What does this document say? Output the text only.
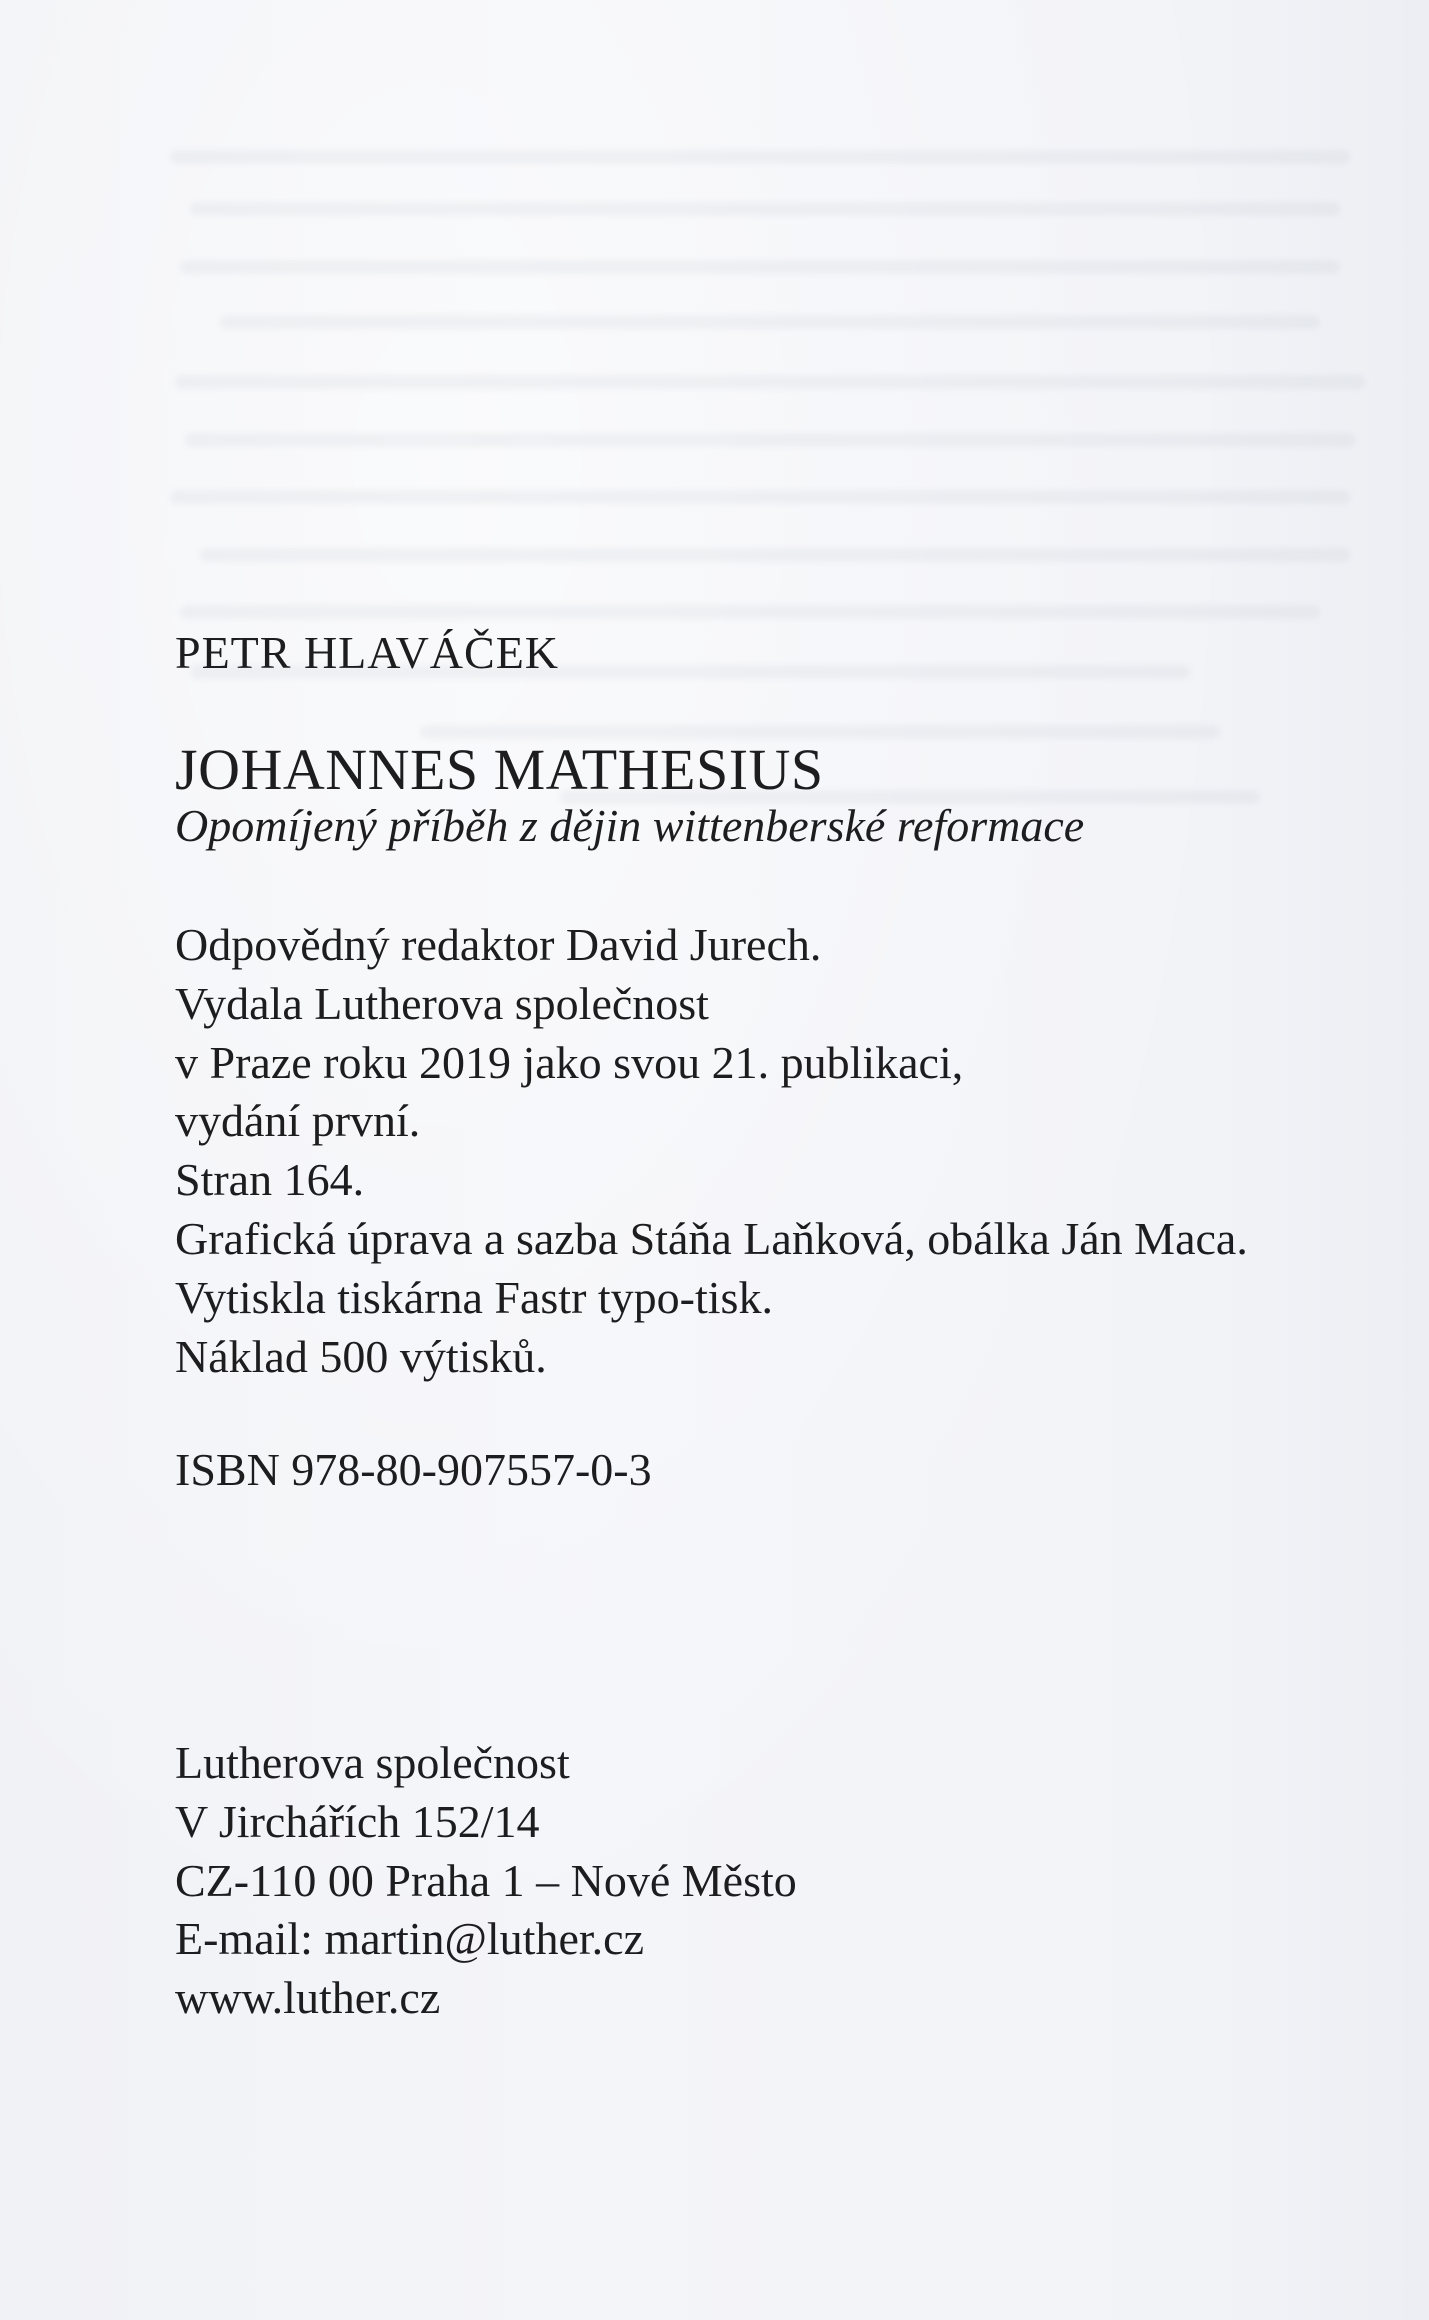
PETR HLAVÁČEK

JOHANNES MATHESIUS

Opomíjený příběh z dějin wittenberské reformace

Odpovědný redaktor David Jurech.
Vydala Lutherova společnost
v Praze roku 2019 jako svou 21. publikaci,
vydání první.
Stran 164.
Grafická úprava a sazba Stáňa Laňková, obálka Ján Maca.
Vytiskla tiskárna Fastr typo-tisk.
Náklad 500 výtisků.

ISBN 978-80-907557-0-3

Lutherova společnost
V Jirchářích 152/14
CZ-110 00 Praha 1 – Nové Město
E-mail: martin@luther.cz
www.luther.cz
